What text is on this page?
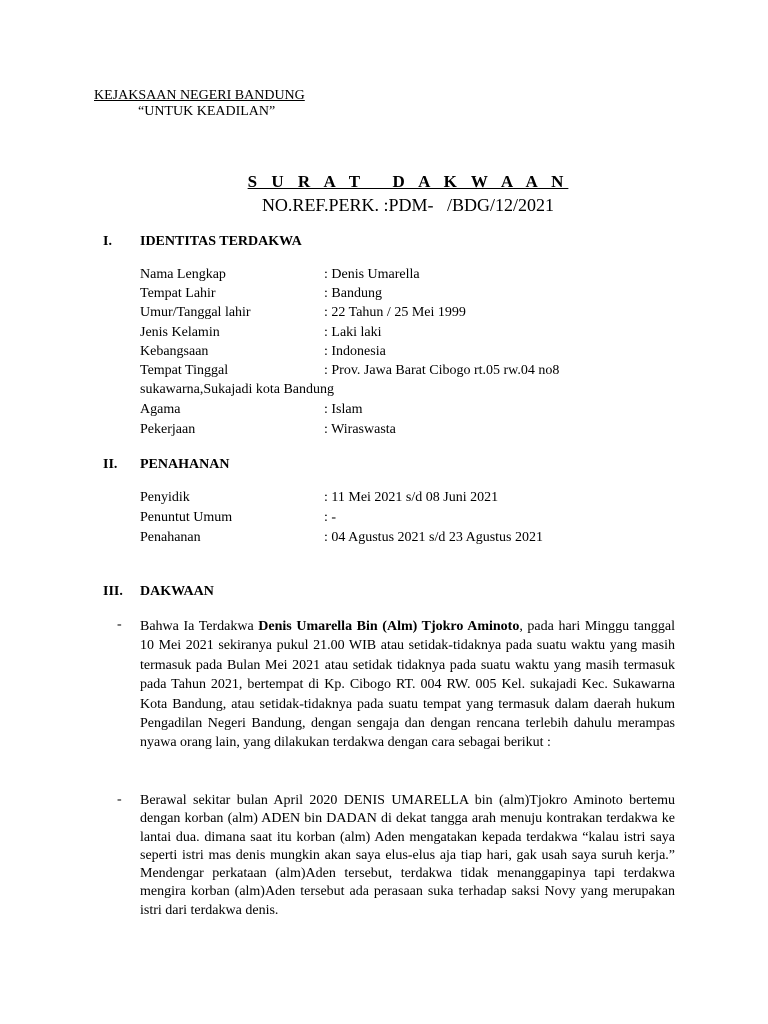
KEJAKSAAN NEGERI BANDUNG
“UNTUK KEADILAN”
S U R A T   D A K W A A N
NO.REF.PERK. :PDM-   /BDG/12/2021
I. IDENTITAS TERDAKWA
Nama Lengkap	: Denis Umarella
Tempat Lahir	: Bandung
Umur/Tanggal lahir	: 22 Tahun / 25 Mei 1999
Jenis Kelamin	: Laki laki
Kebangsaan	: Indonesia
Tempat Tinggal	: Prov. Jawa Barat Cibogo rt.05 rw.04 no8
sukawarna,Sukajadi kota Bandung
Agama	: Islam
Pekerjaan	: Wiraswasta
II. PENAHANAN
Penyidik	: 11 Mei 2021 s/d 08 Juni 2021
Penuntut Umum	: -
Penahanan	: 04 Agustus 2021 s/d 23 Agustus 2021
III. DAKWAAN
- Bahwa Ia Terdakwa Denis Umarella Bin (Alm) Tjokro Aminoto, pada hari Minggu tanggal 10 Mei 2021 sekiranya pukul 21.00 WIB atau setidak-tidaknya pada suatu waktu yang masih termasuk pada Bulan Mei 2021 atau setidak tidaknya pada suatu waktu yang masih termasuk pada Tahun 2021, bertempat di Kp. Cibogo RT. 004 RW. 005 Kel. sukajadi Kec. Sukawarna Kota Bandung, atau setidak-tidaknya pada suatu tempat yang termasuk dalam daerah hukum Pengadilan Negeri Bandung, dengan sengaja dan dengan rencana terlebih dahulu merampas nyawa orang lain, yang dilakukan terdakwa dengan cara sebagai berikut :
- Berawal sekitar bulan April 2020 DENIS UMARELLA bin (alm)Tjokro Aminoto bertemu dengan korban (alm) ADEN bin DADAN di dekat tangga arah menuju kontrakan terdakwa ke lantai dua. dimana saat itu korban (alm) Aden mengatakan kepada terdakwa “kalau istri saya seperti istri mas denis mungkin akan saya elus-elus aja tiap hari, gak usah saya suruh kerja.” Mendengar perkataan (alm)Aden tersebut, terdakwa tidak menanggapinya tapi terdakwa mengira korban (alm)Aden tersebut ada perasaan suka terhadap saksi Novy yang merupakan istri dari terdakwa denis.
